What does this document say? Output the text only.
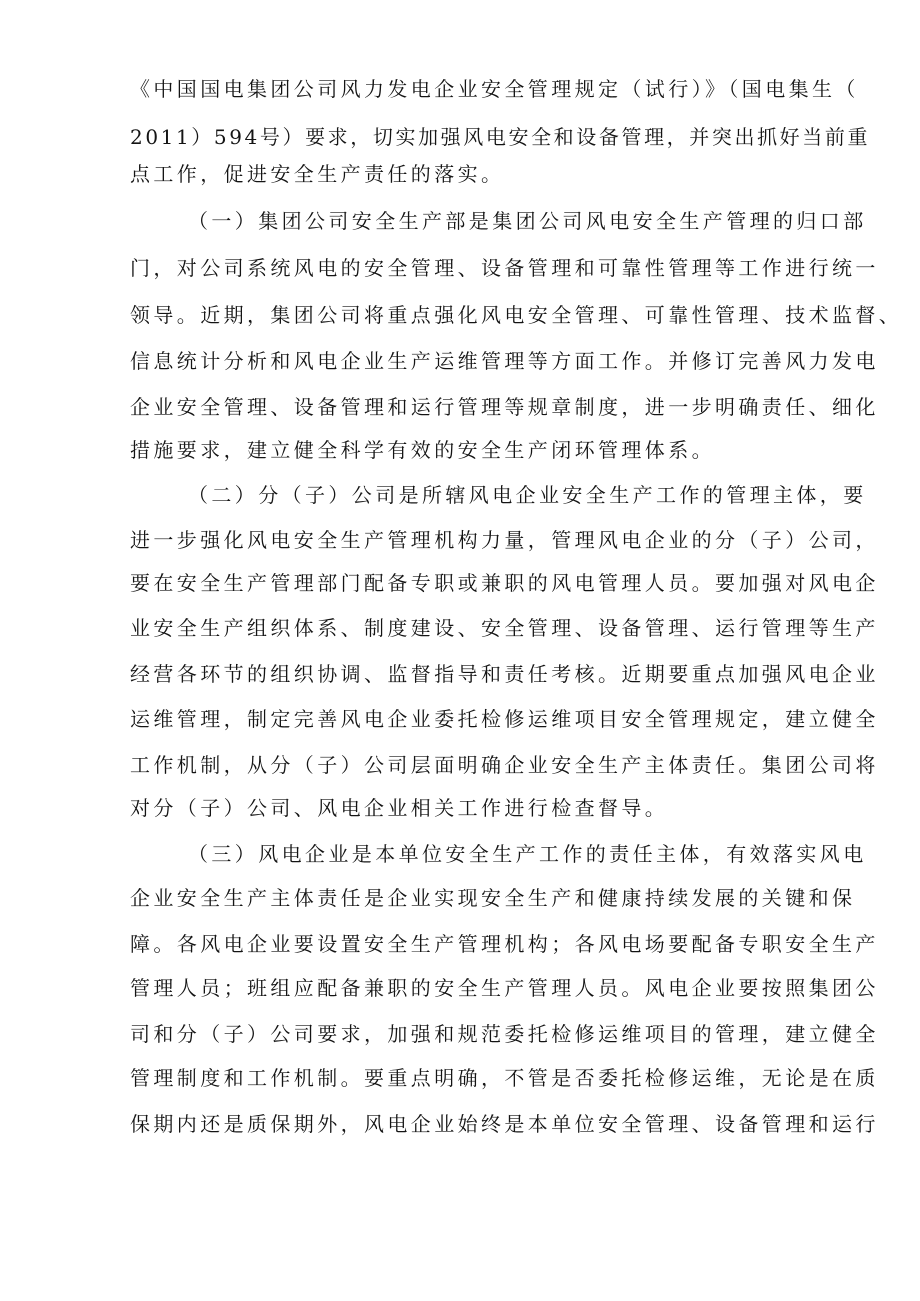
《中国国电集团公司风力发电企业安全管理规定（试行）》（国电集生（
2011）594号）要求，切实加强风电安全和设备管理，并突出抓好当前重
点工作，促进安全生产责任的落实。
（一）集团公司安全生产部是集团公司风电安全生产管理的归口部
门，对公司系统风电的安全管理、设备管理和可靠性管理等工作进行统一
领导。近期，集团公司将重点强化风电安全管理、可靠性管理、技术监督、
信息统计分析和风电企业生产运维管理等方面工作。并修订完善风力发电
企业安全管理、设备管理和运行管理等规章制度，进一步明确责任、细化
措施要求，建立健全科学有效的安全生产闭环管理体系。
（二）分（子）公司是所辖风电企业安全生产工作的管理主体，要
进一步强化风电安全生产管理机构力量，管理风电企业的分（子）公司，
要在安全生产管理部门配备专职或兼职的风电管理人员。要加强对风电企
业安全生产组织体系、制度建设、安全管理、设备管理、运行管理等生产
经营各环节的组织协调、监督指导和责任考核。近期要重点加强风电企业
运维管理，制定完善风电企业委托检修运维项目安全管理规定，建立健全
工作机制，从分（子）公司层面明确企业安全生产主体责任。集团公司将
对分（子）公司、风电企业相关工作进行检查督导。
（三）风电企业是本单位安全生产工作的责任主体，有效落实风电
企业安全生产主体责任是企业实现安全生产和健康持续发展的关键和保
障。各风电企业要设置安全生产管理机构；各风电场要配备专职安全生产
管理人员；班组应配备兼职的安全生产管理人员。风电企业要按照集团公
司和分（子）公司要求，加强和规范委托检修运维项目的管理，建立健全
管理制度和工作机制。要重点明确，不管是否委托检修运维，无论是在质
保期内还是质保期外，风电企业始终是本单位安全管理、设备管理和运行
